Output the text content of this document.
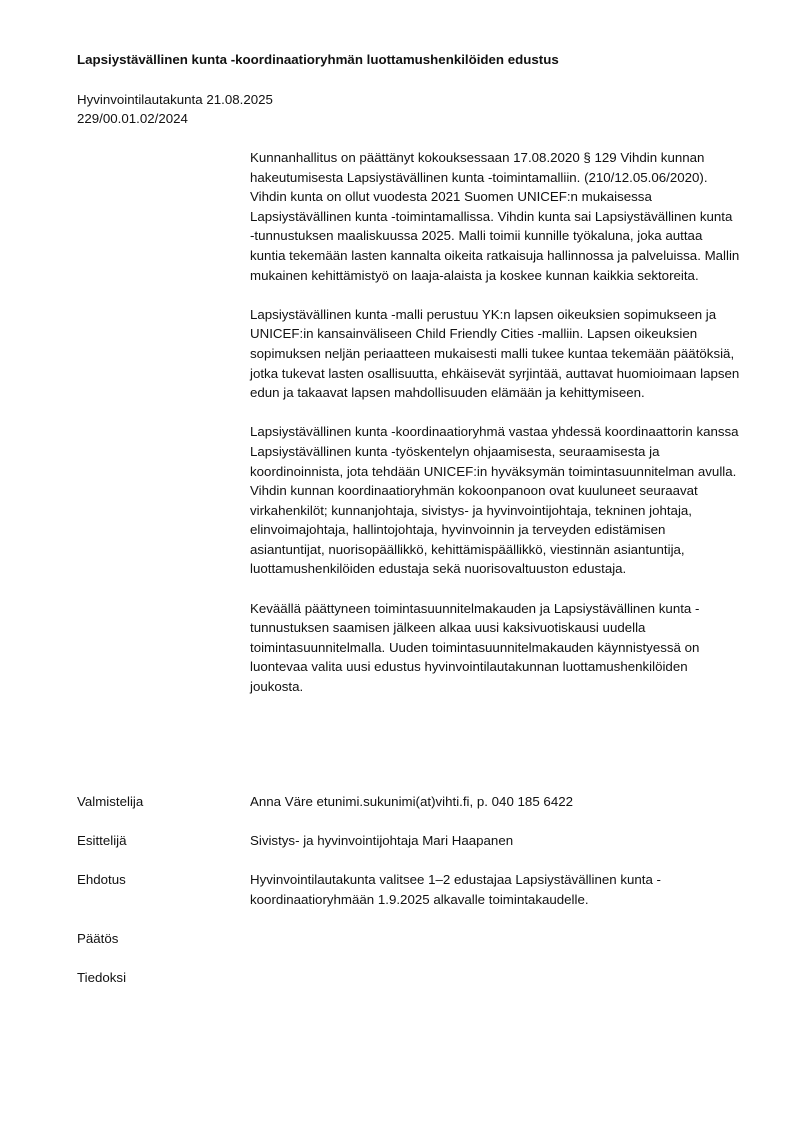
Lapsiystävällinen kunta -koordinaatioryhmän luottamushenkilöiden edustus
Hyvinvointilautakunta 21.08.2025
229/00.01.02/2024

Kunnanhallitus on päättänyt kokouksessaan 17.08.2020 § 129 Vihdin kunnan hakeutumisesta Lapsiystävällinen kunta -toimintamalliin. (210/12.05.06/2020). Vihdin kunta on ollut vuodesta 2021 Suomen UNICEF:n mukaisessa Lapsiystävällinen kunta -toimintamallissa. Vihdin kunta sai Lapsiystävällinen kunta -tunnustuksen maaliskuussa 2025. Malli toimii kunnille työkaluna, joka auttaa kuntia tekemään lasten kannalta oikeita ratkaisuja hallinnossa ja palveluissa. Mallin mukainen kehittämistyö on laaja-alaista ja koskee kunnan kaikkia sektoreita.

Lapsiystävällinen kunta -malli perustuu YK:n lapsen oikeuksien sopimukseen ja UNICEF:in kansainväliseen Child Friendly Cities -malliin. Lapsen oikeuksien sopimuksen neljän periaatteen mukaisesti malli tukee kuntaa tekemään päätöksiä, jotka tukevat lasten osallisuutta, ehkäisevät syrjintää, auttavat huomioimaan lapsen edun ja takaavat lapsen mahdollisuuden elämään ja kehittymiseen.

Lapsiystävällinen kunta -koordinaatioryhmä vastaa yhdessä koordinaattorin kanssa Lapsiystävällinen kunta -työskentelyn ohjaamisesta, seuraamisesta ja koordinoinnista, jota tehdään UNICEF:in hyväksymän toimintasuunnitelman avulla. Vihdin kunnan koordinaatioryhmän kokoonpanoon ovat kuuluneet seuraavat virkahenkilöt; kunnanjohtaja, sivistys- ja hyvinvointijohtaja, tekninen johtaja, elinvoimajohtaja, hallintojohtaja, hyvinvoinnin ja terveyden edistämisen asiantuntijat, nuorisopäällikkö, kehittämispäällikkö, viestinnän asiantuntija, luottamushenkilöiden edustaja sekä nuorisovaltuuston edustaja.

Keväällä päättyneen toimintasuunnitelmakauden ja Lapsiystävällinen kunta -tunnustuksen saamisen jälkeen alkaa uusi kaksivuotiskausi uudella toimintasuunnitelmalla. Uuden toimintasuunnitelmakauden käynnistyessä on luontevaa valita uusi edustus hyvinvointilautakunnan luottamushenkilöiden joukosta.

Valmistelija	Anna Väre etunimi.sukunimi(at)vihti.fi, p. 040 185 6422
Esittelijä	Sivistys- ja hyvinvointijohtaja Mari Haapanen
Ehdotus	Hyvinvointilautakunta valitsee 1–2 edustajaa Lapsiystävällinen kunta -koordinaatioryhmään 1.9.2025 alkavalle toimintakaudelle.
Päätös
Tiedoksi
